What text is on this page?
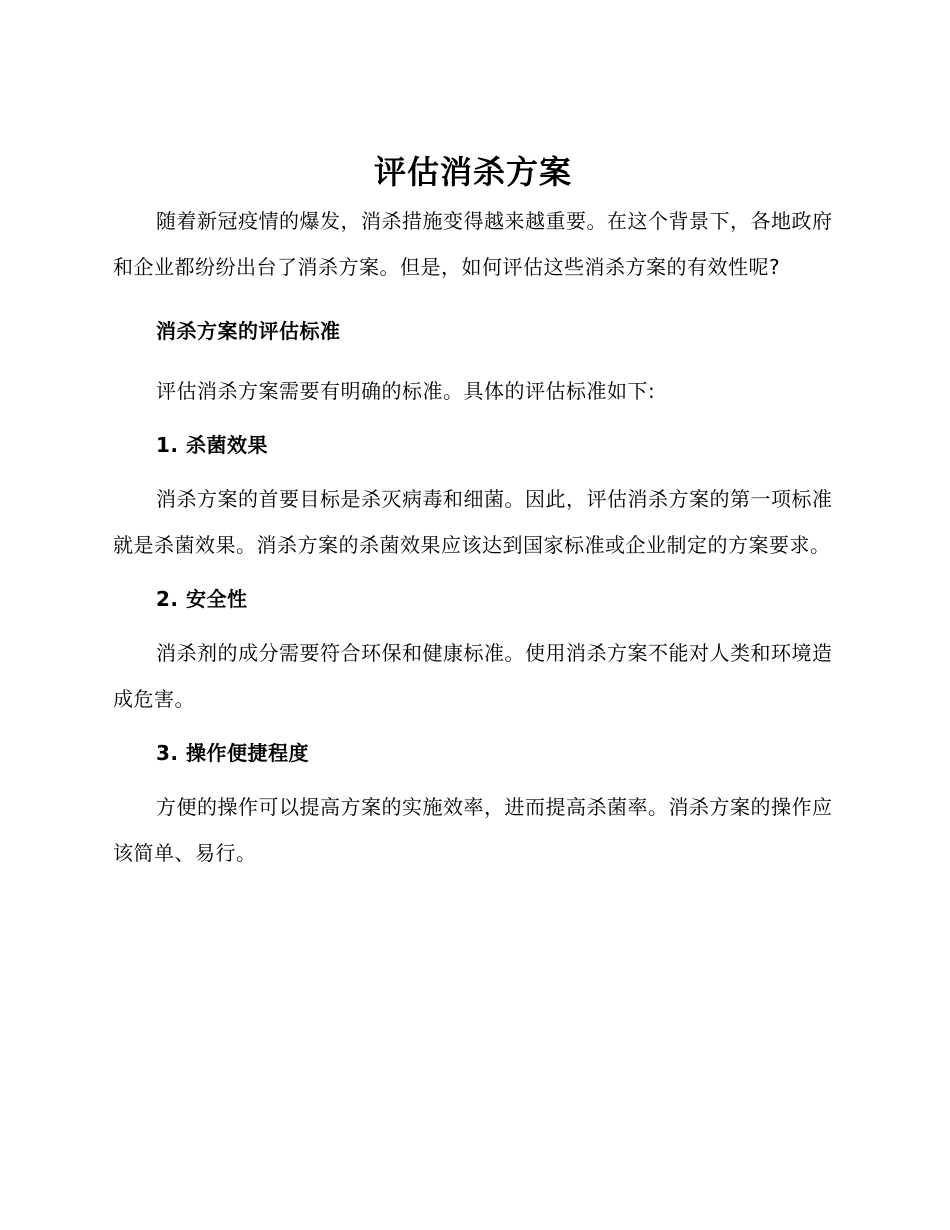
评估消杀方案

随着新冠疫情的爆发，消杀措施变得越来越重要。在这个背景下，各地政府和企业都纷纷出台了消杀方案。但是，如何评估这些消杀方案的有效性呢?

消杀方案的评估标准

评估消杀方案需要有明确的标准。具体的评估标准如下:

1. 杀菌效果

消杀方案的首要目标是杀灭病毒和细菌。因此，评估消杀方案的第一项标准就是杀菌效果。消杀方案的杀菌效果应该达到国家标准或企业制定的方案要求。

2. 安全性

消杀剂的成分需要符合环保和健康标准。使用消杀方案不能对人类和环境造成危害。

3. 操作便捷程度

方便的操作可以提高方案的实施效率，进而提高杀菌率。消杀方案的操作应该简单、易行。
